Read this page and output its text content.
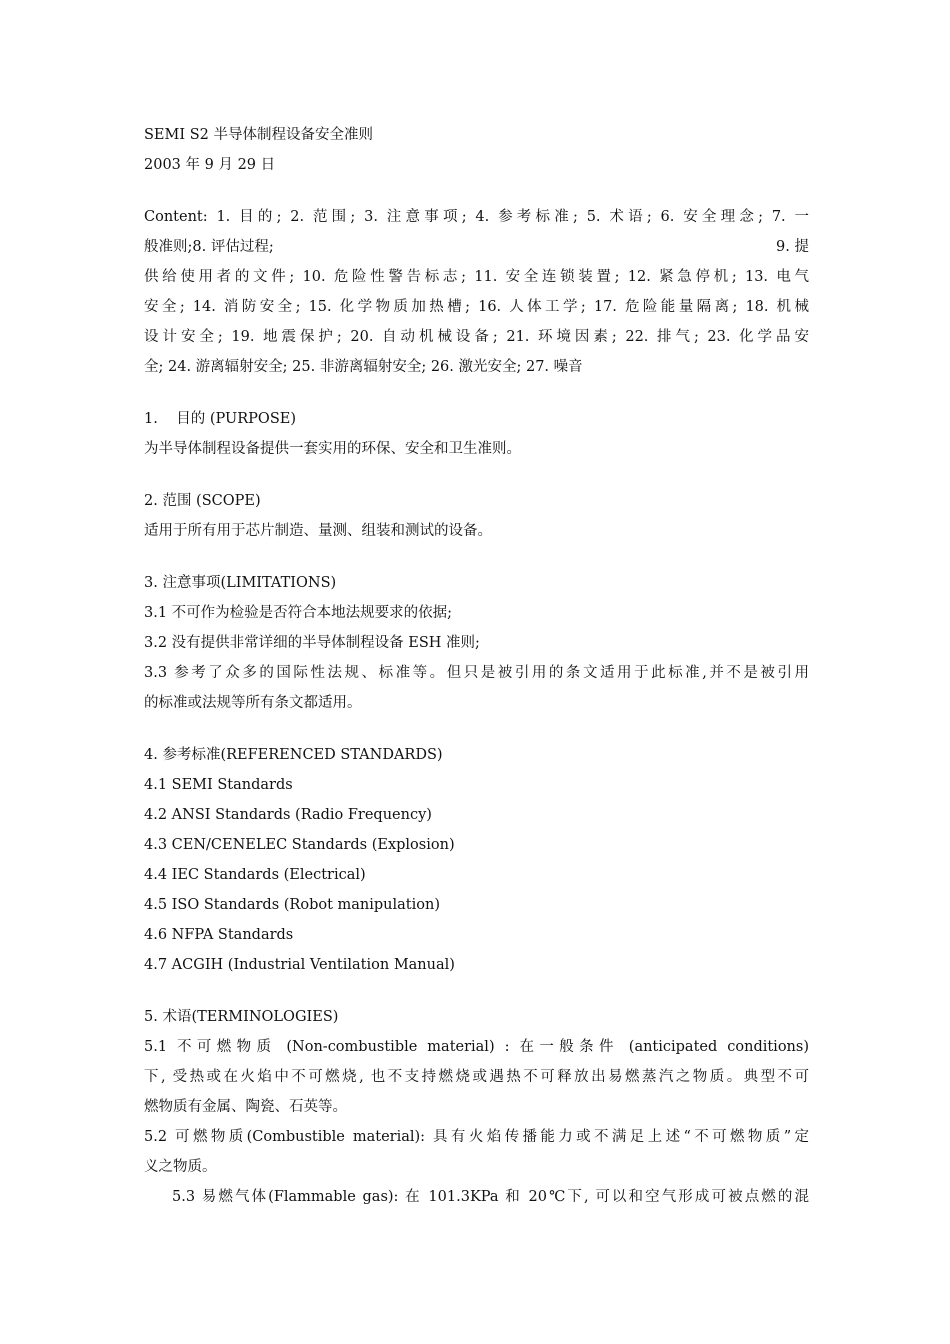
SEMI S2 半导体制程设备安全准则
2003 年 9 月 29 日
Content: 1. 目的; 2. 范围; 3. 注意事项; 4. 参考标准; 5. 术语; 6. 安全理念; 7. 一
般准则;8. 评估过程;	9. 提
供给使用者的文件; 10. 危险性警告标志; 11. 安全连锁装置; 12. 紧急停机; 13. 电气
安全; 14. 消防安全; 15. 化学物质加热槽; 16. 人体工学; 17. 危险能量隔离; 18. 机械
设计安全; 19. 地震保护; 20. 自动机械设备; 21. 环境因素; 22. 排气; 23. 化学品安
全; 24. 游离辐射安全; 25. 非游离辐射安全; 26. 激光安全; 27. 噪音
1.    目的 (PURPOSE)
为半导体制程设备提供一套实用的环保、安全和卫生准则。
2. 范围 (SCOPE)
适用于所有用于芯片制造、量测、组装和测试的设备。
3. 注意事项(LIMITATIONS)
3.1 不可作为检验是否符合本地法规要求的依据;
3.2 没有提供非常详细的半导体制程设备 ESH 准则;
3.3 参考了众多的国际性法规、标准等。但只是被引用的条文适用于此标准,并不是被引用
的标准或法规等所有条文都适用。
4. 参考标准(REFERENCED STANDARDS)
4.1 SEMI Standards
4.2 ANSI Standards (Radio Frequency)
4.3 CEN/CENELEC Standards (Explosion)
4.4 IEC Standards (Electrical)
4.5 ISO Standards (Robot manipulation)
4.6 NFPA Standards
4.7 ACGIH (Industrial Ventilation Manual)
5. 术语(TERMINOLOGIES)
5.1 不可燃物质 (Non-combustible material) : 在一般条件 (anticipated conditions)
下, 受热或在火焰中不可燃烧, 也不支持燃烧或遇热不可释放出易燃蒸汽之物质。典型不可
燃物质有金属、陶瓷、石英等。
5.2 可燃物质(Combustible material): 具有火焰传播能力或不满足上述“不可燃物质”定
义之物质。
5.3 易燃气体(Flammable gas): 在 101.3KPa 和 20℃下, 可以和空气形成可被点燃的混
